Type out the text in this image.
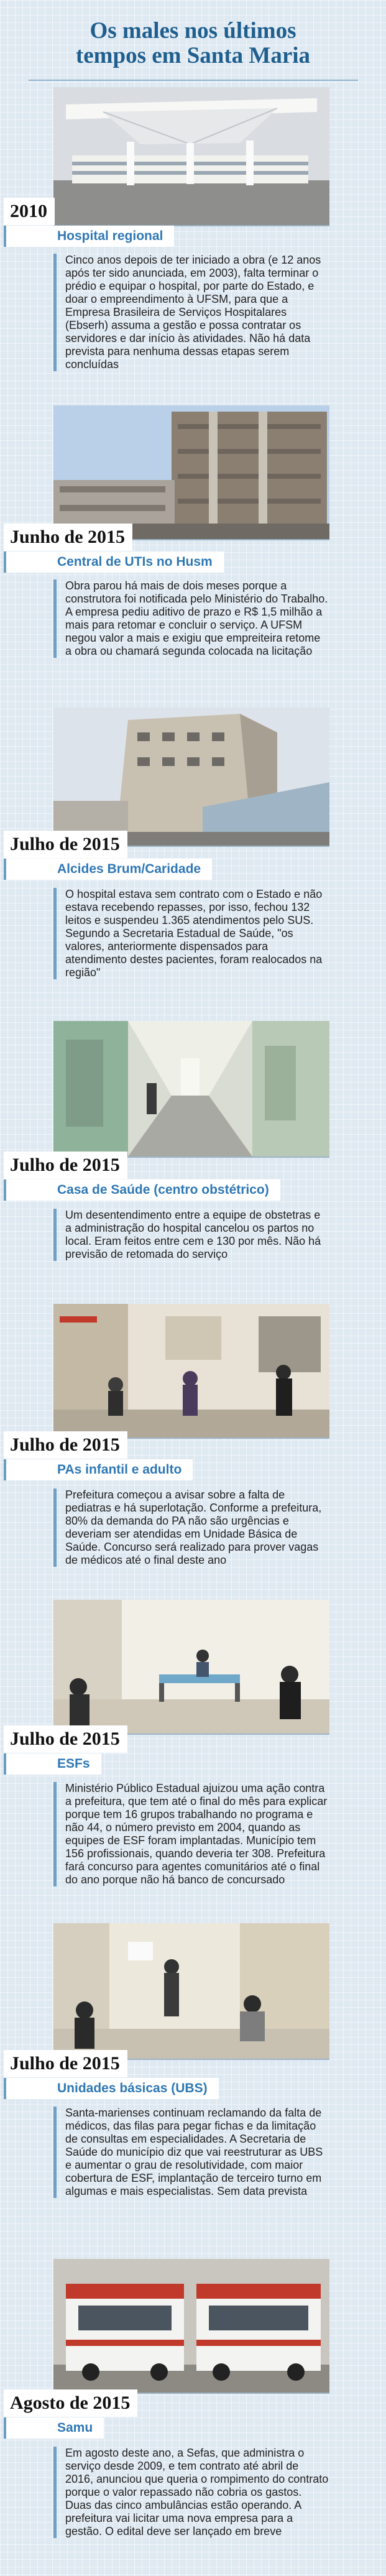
Os males nos últimos
tempos em Santa Maria
2010
Hospital regional
Cinco anos depois de ter iniciado a obra (e 12 anos após ter sido anunciada, em 2003), falta terminar o prédio e equipar o hospital, por parte do Estado, e doar o empreendimento à UFSM, para que a Empresa Brasileira de Serviços Hospitalares (Ebserh) assuma a gestão e possa contratar os servidores e dar início às atividades. Não há data prevista para nenhuma dessas etapas serem concluídas
Junho de 2015
Central de UTIs no Husm
Obra parou há mais de dois meses porque a construtora foi notificada pelo Ministério do Trabalho. A empresa pediu aditivo de prazo e R$ 1,5 milhão a mais para retomar e concluir o serviço. A UFSM negou valor a mais e exigiu que empreiteira retome a obra ou chamará segunda colocada na licitação
Julho de 2015
Alcides Brum/Caridade
O hospital estava sem contrato com o Estado e não estava recebendo repasses, por isso, fechou 132 leitos e suspendeu 1.365 atendimentos pelo SUS. Segundo a Secretaria Estadual de Saúde, "os valores, anteriormente dispensados para atendimento destes pacientes, foram realocados na região"
Julho de 2015
Casa de Saúde (centro obstétrico)
Um desentendimento entre a equipe de obstetras e a administração do hospital cancelou os partos no local. Eram feitos entre cem e 130 por mês. Não há previsão de retomada do serviço
Julho de 2015
PAs infantil e adulto
Prefeitura começou a avisar sobre a falta de pediatras e há superlotação. Conforme a prefeitura, 80% da demanda do PA não são urgências e deveriam ser atendidas em Unidade Básica de Saúde. Concurso será realizado para prover vagas de médicos até o final deste ano
Julho de 2015
ESFs
Ministério Público Estadual ajuizou uma ação contra a prefeitura, que tem até o final do mês para explicar porque tem 16 grupos trabalhando no programa e não 44, o número previsto em 2004, quando as equipes de ESF foram implantadas. Município tem 156 profissionais, quando deveria ter 308. Prefeitura fará concurso para agentes comunitários até o final do ano porque não há banco de concursado
Julho de 2015
Unidades básicas (UBS)
Santa-marienses continuam reclamando da falta de médicos, das filas para pegar fichas e da limitação de consultas em especialidades. A Secretaria de Saúde do município diz que vai reestruturar as UBS e aumentar o grau de resolutividade, com maior cobertura de ESF, implantação de terceiro turno em algumas e mais especialistas. Sem data prevista
Agosto de 2015
Samu
Em agosto deste ano, a Sefas, que administra o serviço desde 2009, e tem contrato até abril de 2016, anunciou que queria o rompimento do contrato porque o valor repassado não cobria os gastos. Duas das cinco ambulâncias estão operando. A prefeitura vai licitar uma nova empresa para a gestão. O edital deve ser lançado em breve
